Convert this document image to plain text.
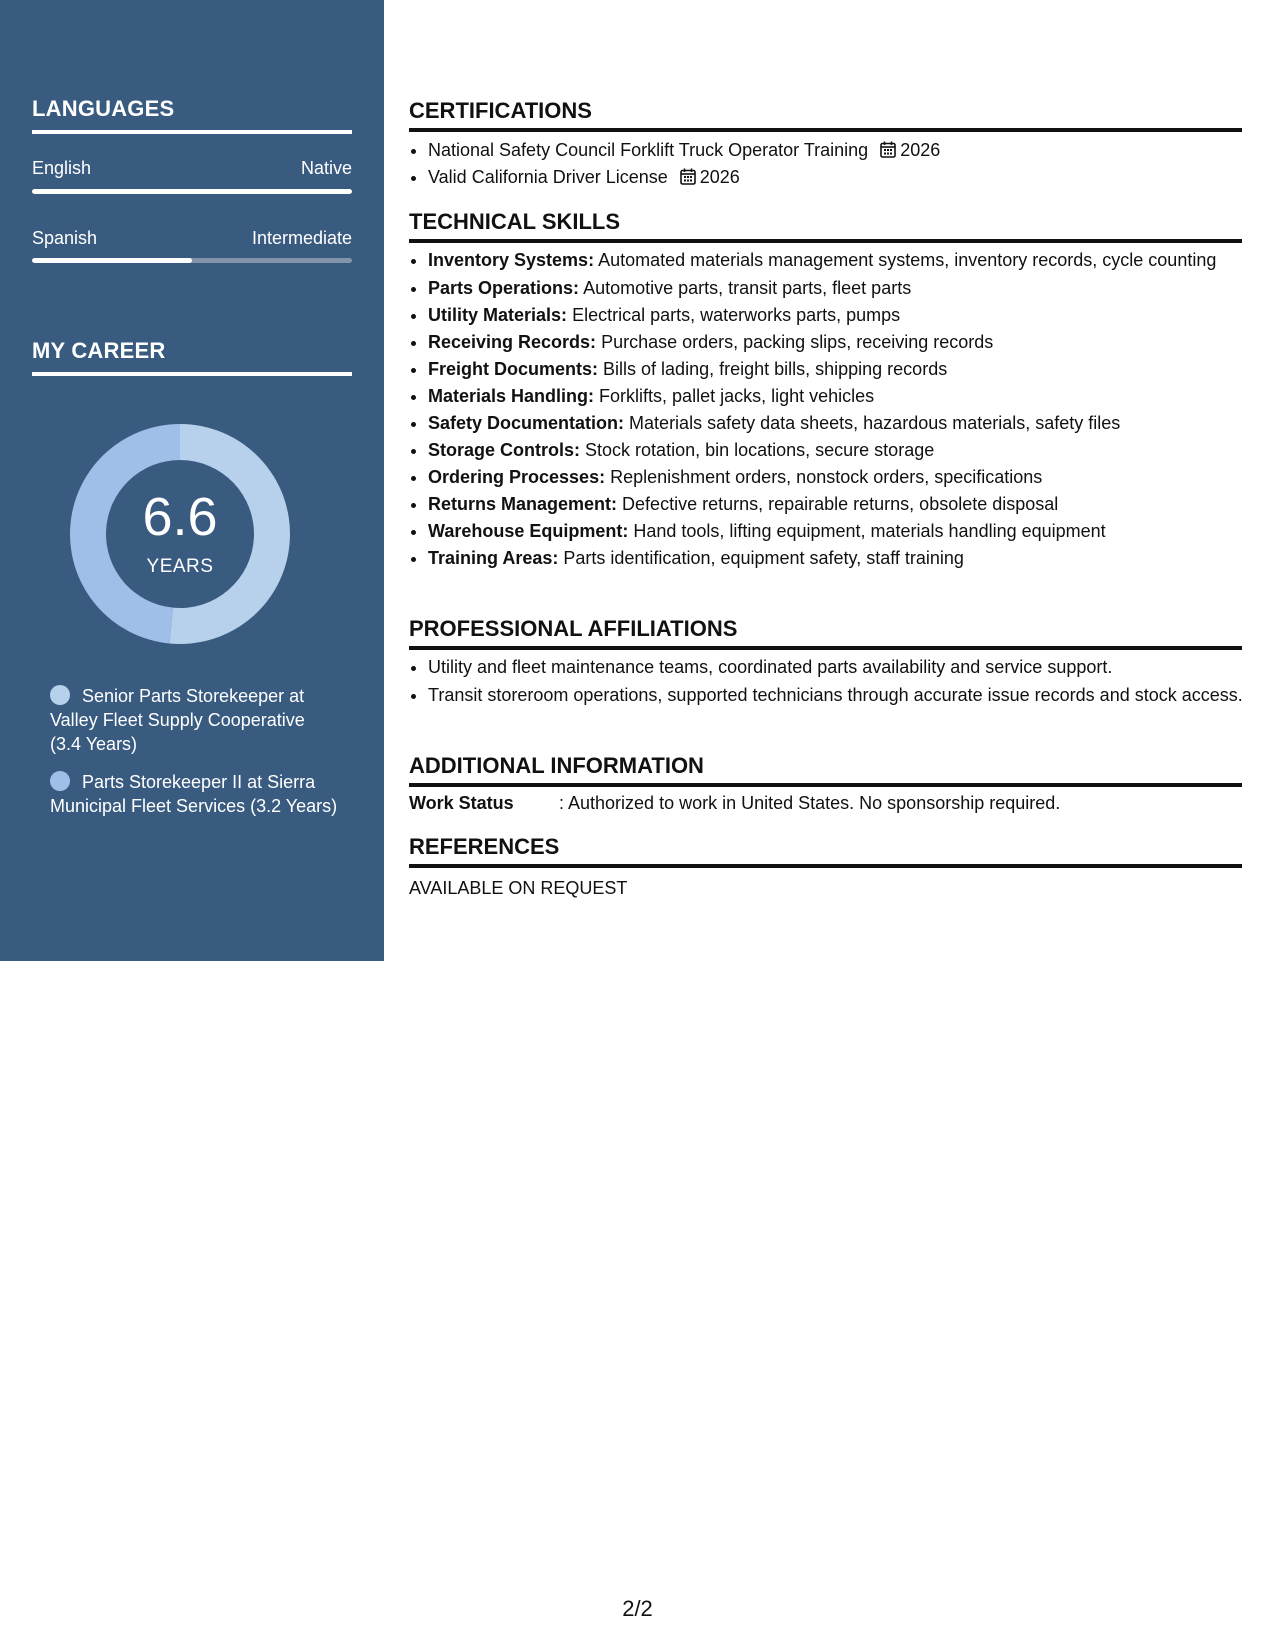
LANGUAGES
English	Native
Spanish	Intermediate
MY CAREER
6.6
YEARS
Senior Parts Storekeeper at Valley Fleet Supply Cooperative (3.4 Years)
Parts Storekeeper II at Sierra Municipal Fleet Services (3.2 Years)
CERTIFICATIONS
• National Safety Council Forklift Truck Operator Training 2026
• Valid California Driver License 2026
TECHNICAL SKILLS
• Inventory Systems: Automated materials management systems, inventory records, cycle counting
• Parts Operations: Automotive parts, transit parts, fleet parts
• Utility Materials: Electrical parts, waterworks parts, pumps
• Receiving Records: Purchase orders, packing slips, receiving records
• Freight Documents: Bills of lading, freight bills, shipping records
• Materials Handling: Forklifts, pallet jacks, light vehicles
• Safety Documentation: Materials safety data sheets, hazardous materials, safety files
• Storage Controls: Stock rotation, bin locations, secure storage
• Ordering Processes: Replenishment orders, nonstock orders, specifications
• Returns Management: Defective returns, repairable returns, obsolete disposal
• Warehouse Equipment: Hand tools, lifting equipment, materials handling equipment
• Training Areas: Parts identification, equipment safety, staff training
PROFESSIONAL AFFILIATIONS
• Utility and fleet maintenance teams, coordinated parts availability and service support.
• Transit storeroom operations, supported technicians through accurate issue records and stock access.
ADDITIONAL INFORMATION
Work Status	: Authorized to work in United States. No sponsorship required.
REFERENCES
AVAILABLE ON REQUEST
2/2
